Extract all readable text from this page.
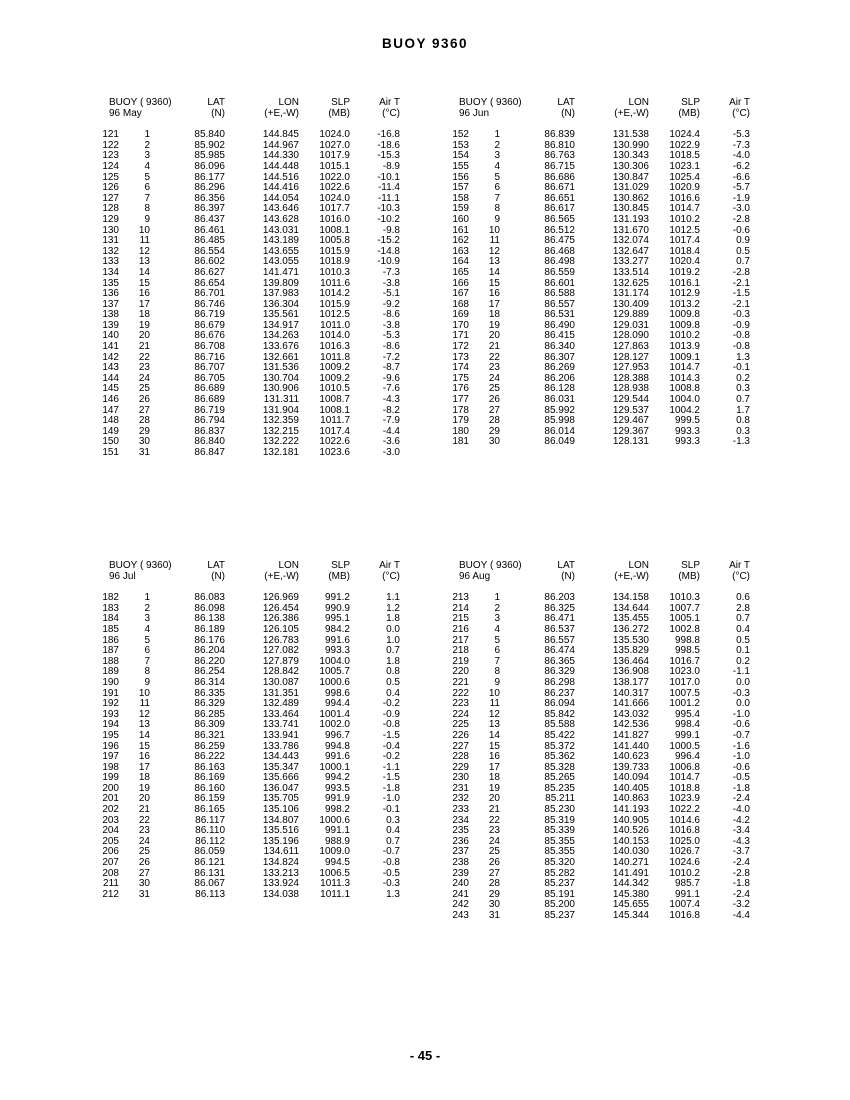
BUOY 9360
BUOY ( 9360)	LAT	LON	SLP	Air T
96 May	(N)	(+E,-W)	(MB)	(°C)
121	1	85.840	144.845 1024.0	-16.8
122	2	85.902	144.967 1027.0	-18.6
123	3	85.985	144.330 1017.9	-15.3
124	4	86.096	144.448 1015.1	-8.9
125	5	86.177	144.516 1022.0	-10.1
126	6	86.296	144.416 1022.6	-11.4
127	7	86.356	144.054 1024.0	-11.1
128	8	86.397	143.646 1017.7	-10.3
129	9	86.437	143.628 1016.0	-10.2
130 10	86.461	143.031 1008.1	-9.8
131 11	86.485	143.189 1005.8	-15.2
132 12	86.554	143.655 1015.9	-14.8
133 13	86.602	143.055 1018.9	-10.9
134 14	86.627	141.471 1010.3	-7.3
135 15	86.654	139.809 1011.6	-3.8
136 16	86.701	137.983 1014.2	-5.1
137 17	86.746	136.304 1015.9	-9.2
138 18	86.719	135.561 1012.5	-8.6
139 19	86.679	134.917 1011.0	-3.8
140 20	86.676	134.263 1014.0	-5.3
141 21	86.708	133.676 1016.3	-8.6
142 22	86.716	132.661 1011.8	-7.2
143 23	86.707	131.536 1009.2	-8.7
144 24	86.705	130.704 1009.2	-9.6
145 25	86.689	130.906 1010.5	-7.6
146 26	86.689	131.311 1008.7	-4.3
147 27	86.719	131.904 1008.1	-8.2
148 28	86.794	132.359 1011.7	-7.9
149 29	86.837	132.215 1017.4	-4.4
150 30	86.840	132.222 1022.6	-3.6
151 31	86.847	132.181 1023.6	-3.0
BUOY ( 9360)	LAT	LON	SLP	Air T
96 Jun	(N)	(+E,-W)	(MB)	(°C)
152	1	86.839	131.538 1024.4	-5.3
153	2	86.810	130.990 1022.9	-7.3
154	3	86.763	130.343 1018.5	-4.0
155	4	86.715	130.306 1023.1	-6.2
156	5	86.686	130.847 1025.4	-6.6
157	6	86.671	131.029 1020.9	-5.7
158	7	86.651	130.862 1016.6	-1.9
159	8	86.617	130.845 1014.7	-3.0
160	9	86.565	131.193 1010.2	-2.8
161 10	86.512	131.670 1012.5	-0.6
162 11	86.475	132.074 1017.4	0.9
163 12	86.468	132.647 1018.4	0.5
164 13	86.498	133.277 1020.4	0.7
165 14	86.559	133.514 1019.2	-2.8
166 15	86.601	132.625 1016.1	-2.1
167 16	86.588	131.174 1012.9	-1.5
168 17	86.557	130.409 1013.2	-2.1
169 18	86.531	129.889 1009.8	-0.3
170 19	86.490	129.031 1009.8	-0.9
171 20	86.415	128.090 1010.2	-0.8
172 21	86.340	127.863 1013.9	-0.8
173 22	86.307	128.127 1009.1	1.3
174 23	86.269	127.953 1014.7	-0.1
175 24	86.206	128.388 1014.3	0.2
176 25	86.128	128.938 1008.8	0.3
177 26	86.031	129.544 1004.0	0.7
178 27	85.992	129.537 1004.2	1.7
179 28	85.998	129.467	999.5	0.8
180 29	86.014	129.367	993.3	0.3
181 30	86.049	128.131	993.3	-1.3
BUOY ( 9360)	LAT	LON	SLP	Air T
96 Jul	(N)	(+E,-W)	(MB)	(°C)
182	1	86.083	126.969	991.2	1.1
183	2	86.098	126.454	990.9	1.2
184	3	86.138	126.386	995.1	1.8
185	4	86.189	126.105	984.2	0.0
186	5	86.176	126.783	991.6	1.0
187	6	86.204	127.082	993.3	0.7
188	7	86.220	127.879 1004.0	1.8
189	8	86.254	128.842 1005.7	0.8
190	9	86.314	130.087 1000.6	0.5
191 10	86.335	131.351	998.6	0.4
192 11	86.329	132.489	994.4	-0.2
193 12	86.285	133.464 1001.4	-0.9
194 13	86.309	133.741 1002.0	-0.8
195 14	86.321	133.941	996.7	-1.5
196 15	86.259	133.786	994.8	-0.4
197 16	86.222	134.443	991.6	-0.2
198 17	86.163	135.347 1000.1	-1.1
199 18	86.169	135.666	994.2	-1.5
200 19	86.160	136.047	993.5	-1.8
201 20	86.159	135.705	991.9	-1.0
202 21	86.165	135.106	998.2	-0.1
203 22	86.117	134.807 1000.6	0.3
204 23	86.110	135.516	991.1	0.4
205 24	86.112	135.196	988.9	0.7
206 25	86.059	134.611 1009.0	-0.7
207 26	86.121	134.824	994.5	-0.8
208 27	86.131	133.213 1006.5	-0.5
211 30	86.067	133.924 1011.3	-0.3
212 31	86.113	134.038 1011.1	1.3
BUOY ( 9360)	LAT	LON	SLP	Air T
96 Aug	(N)	(+E,-W)	(MB)	(°C)
213	1	86.203	134.158 1010.3	0.6
214	2	86.325	134.644 1007.7	2.8
215	3	86.471	135.455 1005.1	0.7
216	4	86.537	136.272 1002.8	0.4
217	5	86.557	135.530	998.8	0.5
218	6	86.474	135.829	998.5	0.1
219	7	86.365	136.464 1016.7	0.2
220	8	86.329	136.908 1023.0	-1.1
221	9	86.298	138.177 1017.0	0.0
222 10	86.237	140.317 1007.5	-0.3
223 11	86.094	141.666 1001.2	0.0
224 12	85.842	143.032	995.4	-1.0
225 13	85.588	142.536	998.4	-0.6
226 14	85.422	141.827	999.1	-0.7
227 15	85.372	141.440 1000.5	-1.6
228 16	85.362	140.623	996.4	-1.0
229 17	85.328	139.733 1006.8	-0.6
230 18	85.265	140.094 1014.7	-0.5
231 19	85.235	140.405 1018.8	-1.8
232 20	85.211	140.863 1023.9	-2.4
233 21	85.230	141.193 1022.2	-4.0
234 22	85.319	140.905 1014.6	-4.2
235 23	85.339	140.526 1016.8	-3.4
236 24	85.355	140.153 1025.0	-4.3
237 25	85.355	140.030 1026.7	-3.7
238 26	85.320	140.271 1024.6	-2.4
239 27	85.282	141.491 1010.2	-2.8
240 28	85.237	144.342	985.7	-1.8
241 29	85.191	145.380	991.1	-2.4
242 30	85.200	145.655 1007.4	-3.2
243 31	85.237	145.344 1016.8	-4.4
- 45 -
